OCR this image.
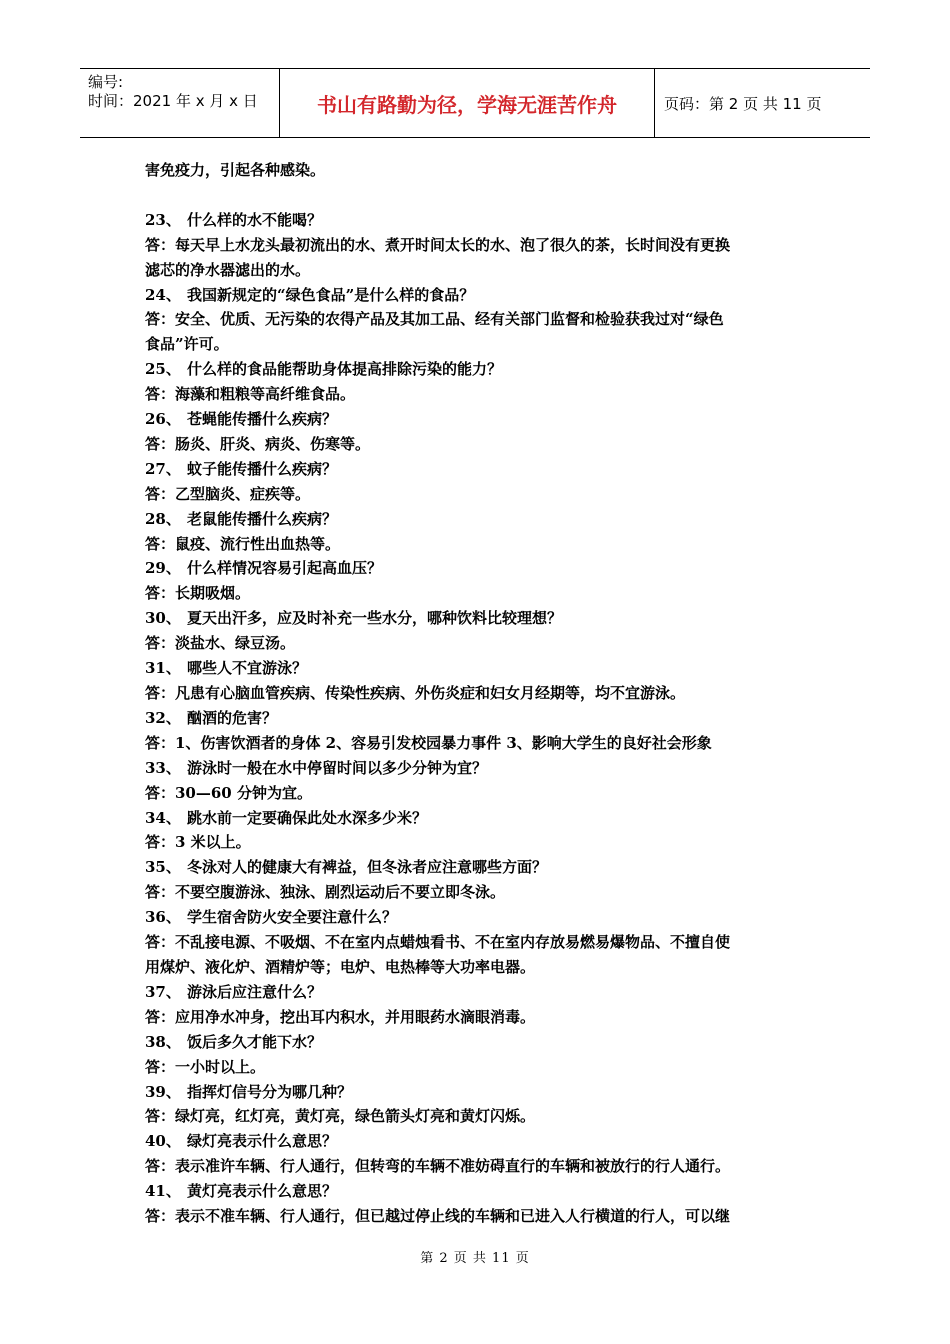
编号:
时间：2021 年 x 月 x 日	书山有路勤为径，学海无涯苦作舟	页码：第 2 页 共 11 页
害免疫力，引起各种感染。
23、 什么样的水不能喝？
答：每天早上水龙头最初流出的水、煮开时间太长的水、泡了很久的茶，长时间没有更换
滤芯的净水器滤出的水。
24、 我国新规定的“绿色食品”是什么样的食品？
答：安全、优质、无污染的农得产品及其加工品、经有关部门监督和检验获我过对“绿色
食品”许可。
25、 什么样的食品能帮助身体提高排除污染的能力？
答：海藻和粗粮等高纤维食品。
26、 苍蝇能传播什么疾病？
答：肠炎、肝炎、病炎、伤寒等。
27、 蚊子能传播什么疾病？
答：乙型脑炎、症疾等。
28、 老鼠能传播什么疾病？
答：鼠疫、流行性出血热等。
29、 什么样情况容易引起高血压？
答：长期吸烟。
30、 夏天出汗多，应及时补充一些水分，哪种饮料比较理想？
答：淡盐水、绿豆汤。
31、 哪些人不宜游泳？
答：凡患有心脑血管疾病、传染性疾病、外伤炎症和妇女月经期等，均不宜游泳。
32、 酗酒的危害？
答：1、伤害饮酒者的身体 2、容易引发校园暴力事件 3、影响大学生的良好社会形象
33、 游泳时一般在水中停留时间以多少分钟为宜？
答：30—60 分钟为宜。
34、 跳水前一定要确保此处水深多少米？
答：3 米以上。
35、 冬泳对人的健康大有裨益，但冬泳者应注意哪些方面？
答：不要空腹游泳、独泳、剧烈运动后不要立即冬泳。
36、 学生宿舍防火安全要注意什么？
答：不乱接电源、不吸烟、不在室内点蜡烛看书、不在室内存放易燃易爆物品、不擅自使
用煤炉、液化炉、酒精炉等；电炉、电热棒等大功率电器。
37、 游泳后应注意什么？
答：应用净水冲身，挖出耳内积水，并用眼药水滴眼消毒。
38、 饭后多久才能下水？
答：一小时以上。
39、 指挥灯信号分为哪几种？
答：绿灯亮，红灯亮，黄灯亮，绿色箭头灯亮和黄灯闪烁。
40、 绿灯亮表示什么意思？
答：表示准许车辆、行人通行，但转弯的车辆不准妨碍直行的车辆和被放行的行人通行。
41、 黄灯亮表示什么意思？
答：表示不准车辆、行人通行，但已越过停止线的车辆和已进入人行横道的行人，可以继
第 2 页 共 11 页
